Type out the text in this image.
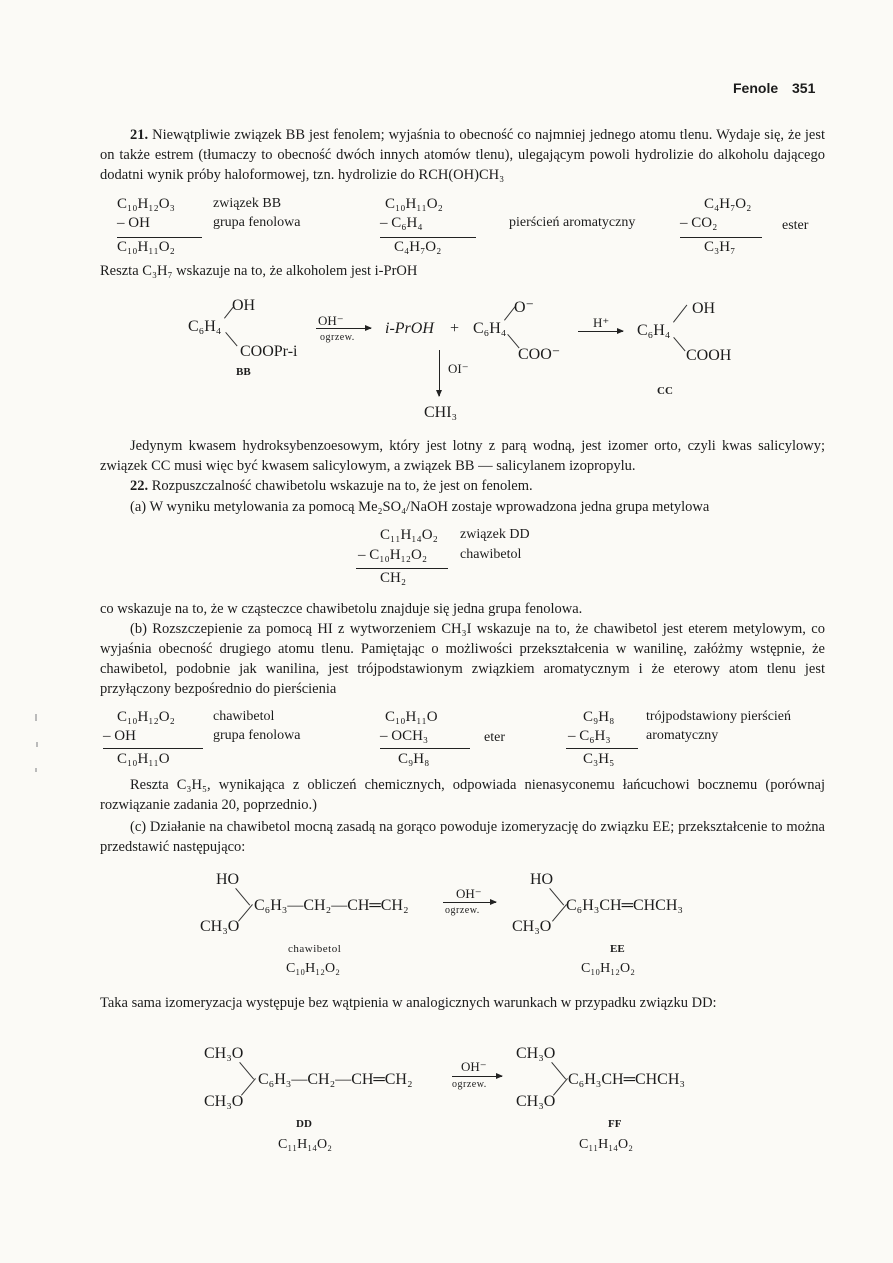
Fenole 351
21. Niewątpliwie związek BB jest fenolem; wyjaśnia to obecność co najmniej jednego atomu tlenu. Wydaje się, że jest on także estrem (tłumaczy to obecność dwóch innych atomów tlenu), ulegającym powoli hydrolizie do alkoholu dającego dodatni wynik próby haloformowej, tzn. hydrolizie do RCH(OH)CH₃
C₁₀H₁₂O₃	związek BB
– OH	grupa fenolowa
C₁₀H₁₁O₂
C₁₀H₁₁O₂
– C₆H₄	pierścień aromatyczny
C₄H₇O₂
C₄H₇O₂
– CO₂	ester
C₃H₇
Reszta C₃H₇ wskazuje na to, że alkoholem jest i-PrOH
OH
C₆H₄
COOPr-i
BB
OH⁻
ogrzew.
i-PrOH + C₆H₄
O⁻
COO⁻
OI⁻
CHI₃
H⁺ → C₆H₄
OH
COOH
CC
Jedynym kwasem hydroksybenzoesowym, który jest lotny z parą wodną, jest izomer orto, czyli kwas salicylowy; związek CC musi więc być kwasem salicylowym, a związek BB — salicylanem izopropylu.
22. Rozpuszczalność chawibetolu wskazuje na to, że jest on fenolem.
(a) W wyniku metylowania za pomocą Me₂SO₄/NaOH zostaje wprowadzona jedna grupa metylowa
C₁₁H₁₄O₂ związek DD
– C₁₀H₁₂O₂ chawibetol
CH₂
co wskazuje na to, że w cząsteczce chawibetolu znajduje się jedna grupa fenolowa.
(b) Rozszczepienie za pomocą HI z wytworzeniem CH₃I wskazuje na to, że chawibetol jest eterem metylowym, co wyjaśnia obecność drugiego atomu tlenu. Pamiętając o możliwości przekształcenia w wanilinę, załóżmy wstępnie, że chawibetol, podobnie jak wanilina, jest trójpodstawionym związkiem aromatycznym i że eterowy atom tlenu jest przyłączony bezpośrednio do pierścienia
C₁₀H₁₂O₂	chawibetol
– OH	grupa fenolowa
C₁₀H₁₁O
C₁₀H₁₁O
– OCH₃	eter
C₉H₈
C₉H₈ trójpodstawiony pierścień
– C₆H₃	aromatyczny
C₃H₅
Reszta C₃H₅, wynikająca z obliczeń chemicznych, odpowiada nienasyconemu łańcuchowi bocznemu (porównaj rozwiązanie zadania 20, poprzednio.)
(c) Działanie na chawibetol mocną zasadą na gorąco powoduje izomeryzację do związku EE; przekształcenie to można przedstawić następująco:
HO
C₆H₃—CH₂—CH═CH₂
CH₃O
chawibetol
C₁₀H₁₂O₂
OH⁻
ogrzew.
HO
C₆H₃CH═CHCH₃
CH₃O
EE
C₁₀H₁₂O₂
Taka sama izomeryzacja występuje bez wątpienia w analogicznych warunkach w przypadku związku DD:
CH₃O
C₆H₃—CH₂—CH═CH₂
CH₃O
DD
C₁₁H₁₄O₂
OH⁻
ogrzew.
CH₃O
C₆H₃CH═CHCH₃
CH₃O
FF
C₁₁H₁₄O₂
